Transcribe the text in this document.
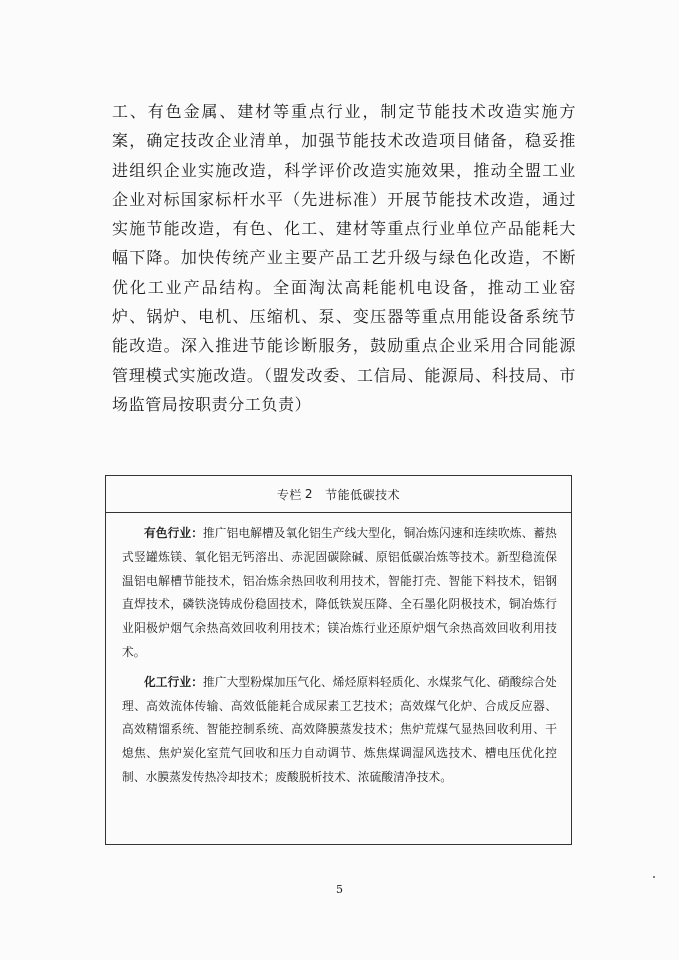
工、有色金属、建材等重点行业，制定节能技术改造实施方案，确定技改企业清单，加强节能技术改造项目储备，稳妥推进组织企业实施改造，科学评价改造实施效果，推动全盟工业企业对标国家标杆水平（先进标准）开展节能技术改造，通过实施节能改造，有色、化工、建材等重点行业单位产品能耗大幅下降。加快传统产业主要产品工艺升级与绿色化改造，不断优化工业产品结构。全面淘汰高耗能机电设备，推动工业窑炉、锅炉、电机、压缩机、泵、变压器等重点用能设备系统节能改造。深入推进节能诊断服务，鼓励重点企业采用合同能源管理模式实施改造。（盟发改委、工信局、能源局、科技局、市场监管局按职责分工负责）

专栏 2 节能低碳技术

有色行业：推广铝电解槽及氧化铝生产线大型化，铜冶炼闪速和连续吹炼、蓄热式竖罐炼镁、氧化铝无钙溶出、赤泥固碳除碱、原铝低碳冶炼等技术。新型稳流保温铝电解槽节能技术，铝冶炼余热回收利用技术，智能打壳、智能下料技术，铝钢直焊技术，磷铁浇铸成份稳固技术，降低铁炭压降、全石墨化阴极技术，铜冶炼行业阳极炉烟气余热高效回收利用技术；镁冶炼行业还原炉烟气余热高效回收利用技术。

化工行业：推广大型粉煤加压气化、烯烃原料轻质化、水煤浆气化、硝酸综合处理、高效流体传输、高效低能耗合成尿素工艺技术；高效煤气化炉、合成反应器、高效精馏系统、智能控制系统、高效降膜蒸发技术；焦炉荒煤气显热回收利用、干熄焦、焦炉炭化室荒气回收和压力自动调节、炼焦煤调湿风选技术、槽电压优化控制、水膜蒸发传热冷却技术；废酸脱析技术、浓硫酸清净技术。

5
